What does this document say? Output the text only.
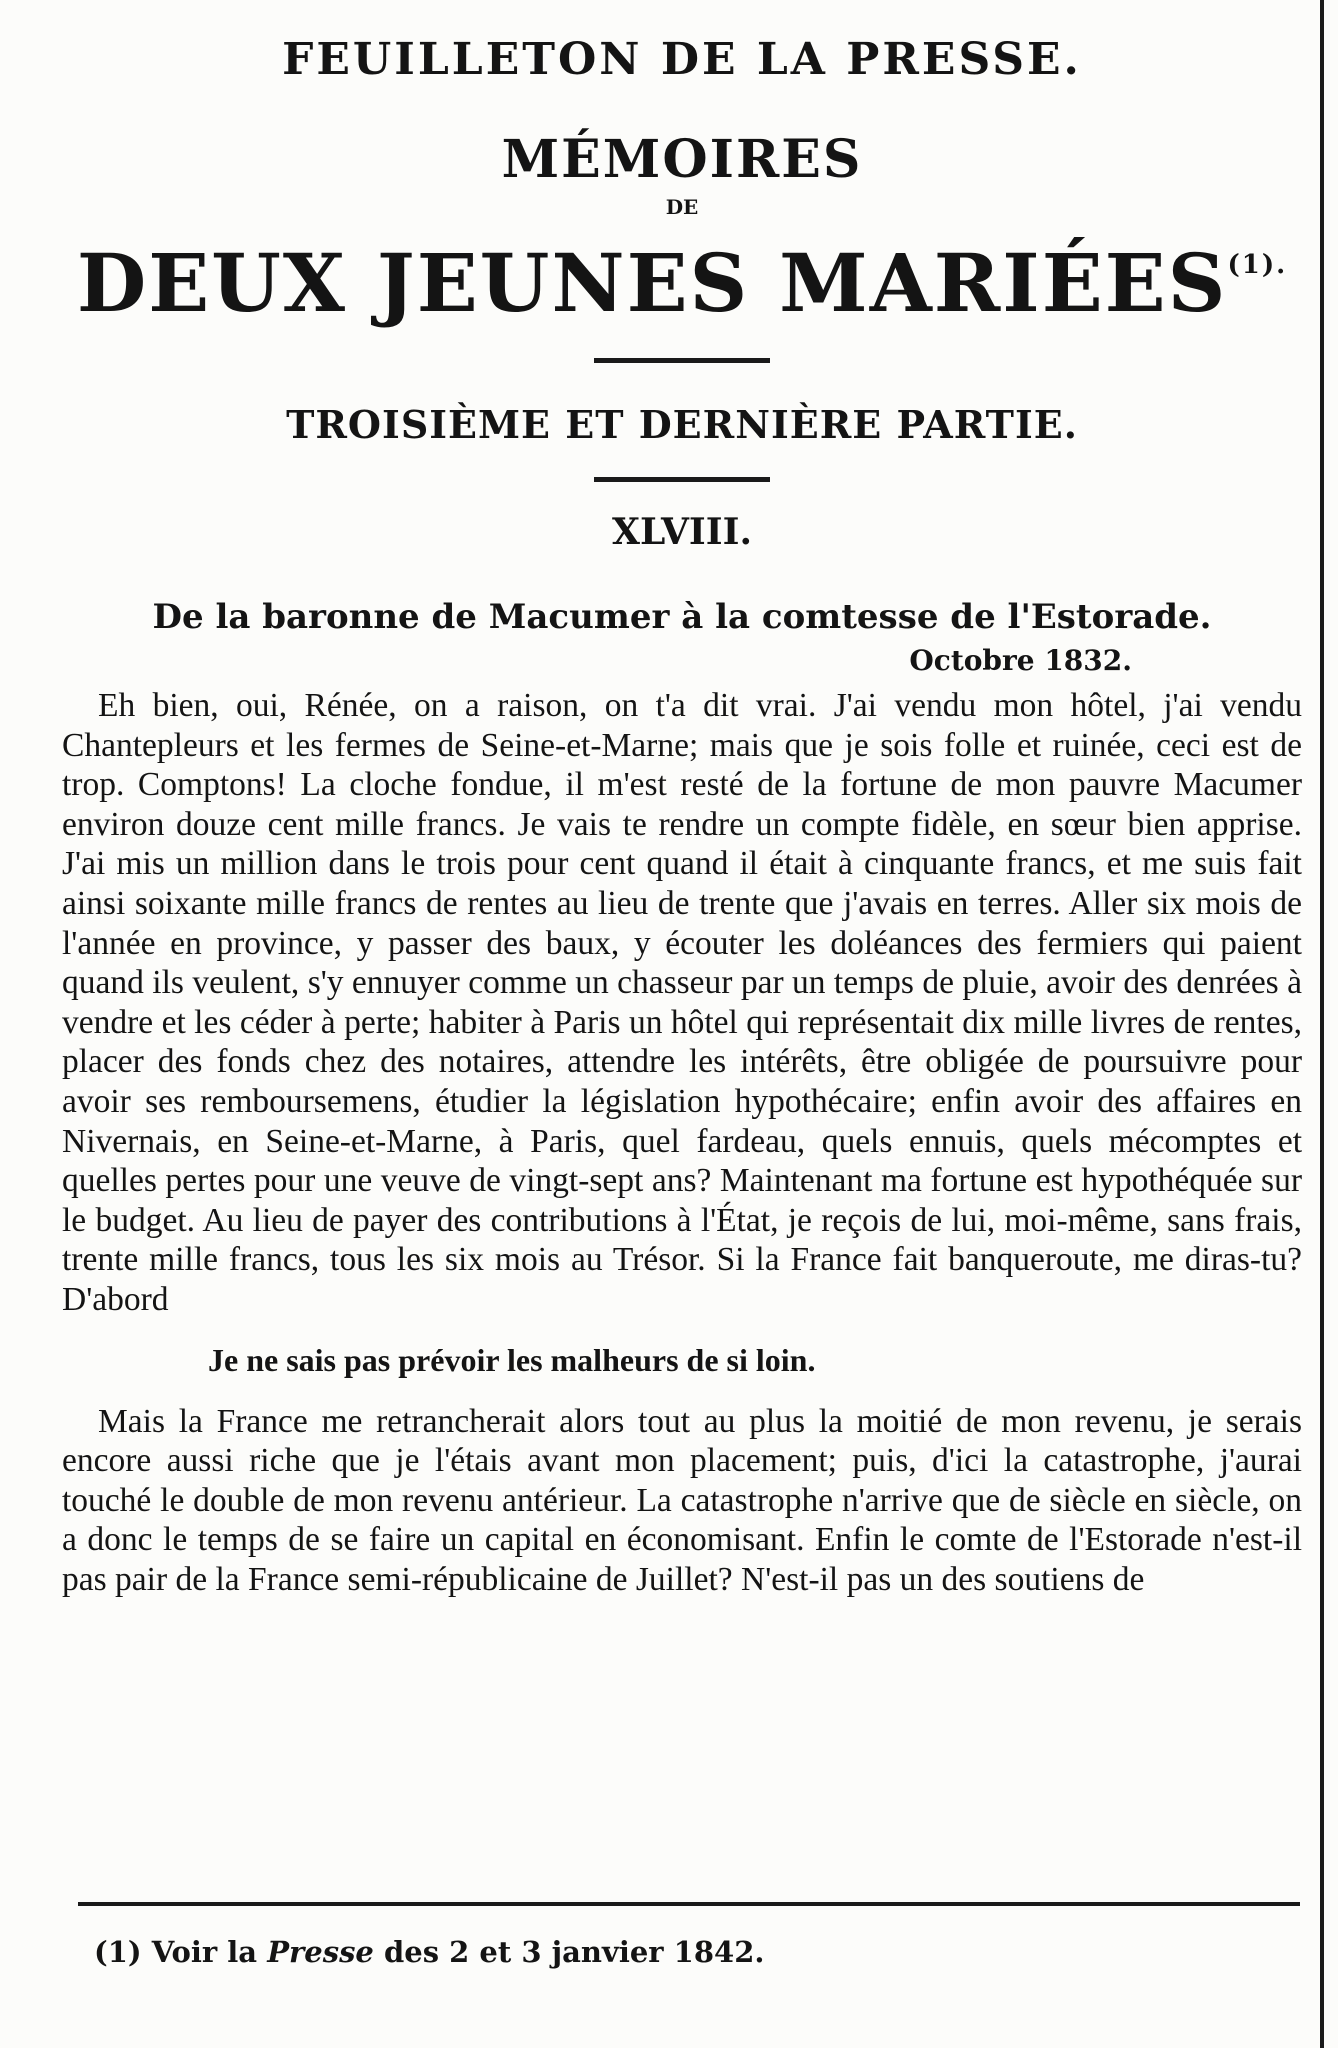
FEUILLETON DE LA PRESSE.
MÉMOIRES
DE
DEUX JEUNES $MARIÉES^{(1).}$
TROISIÈME ET DERNIÈRE PARTIE.
XLVIII.
De la baronne de Macumer à la comtesse de l'Estorade.
Octobre 1832.

Eh bien, oui, Rénée, on a raison, on t'a dit vrai. J'ai vendu mon hôtel, j'ai vendu Chantepleurs et les fermes de Seine-et-Marne; mais que je sois folle et ruinée, ceci est de trop. Comptons! La cloche fondue, il m'est resté de la fortune de mon pauvre Macumer environ douze cent mille francs. Je vais te rendre un compte fidèle, en sœur bien apprise. J'ai mis un million dans le trois pour cent quand il était à cinquante francs, et me suis fait ainsi soixante mille francs de rentes au lieu de trente que j'avais en terres. Aller six mois de l'année en province, y passer des baux, y écouter les doléances des fermiers qui paient quand ils veulent, s'y ennuyer comme un chasseur par un temps de pluie, avoir des denrées à vendre et les céder à perte; habiter à Paris un hôtel qui représentait dix mille livres de rentes, placer des fonds chez des notaires, attendre les intérêts, être obligée de poursuivre pour avoir ses remboursemens, étudier la législation hypothécaire; enfin avoir des affaires en Nivernais, en Seine-et-Marne, à Paris, quel fardeau, quels ennuis, quels mécomptes et quelles pertes pour une veuve de vingt-sept ans? Maintenant ma fortune est hypothéquée sur le budget. Au lieu de payer des contributions à l'État, je reçois de lui, moi-même, sans frais, trente mille francs, tous les six mois au Trésor. Si la France fait banqueroute, me diras-tu? D'abord

Je ne sais pas prévoir les malheurs de si loin.

Mais la France me retrancherait alors tout au plus la moitié de mon revenu, je serais encore aussi riche que je l'étais avant mon placement; puis, d'ici la catastrophe, j'aurai touché le double de mon revenu antérieur. La catastrophe n'arrive que de siècle en siècle, on a donc le temps de se faire un capital en économisant. Enfin le comte de l'Estorade n'est-il pas pair de la France semi-républicaine de Juillet? N'est-il pas un des soutiens de

(1) Voir la Presse des 2 et 3 janvier 1842.
